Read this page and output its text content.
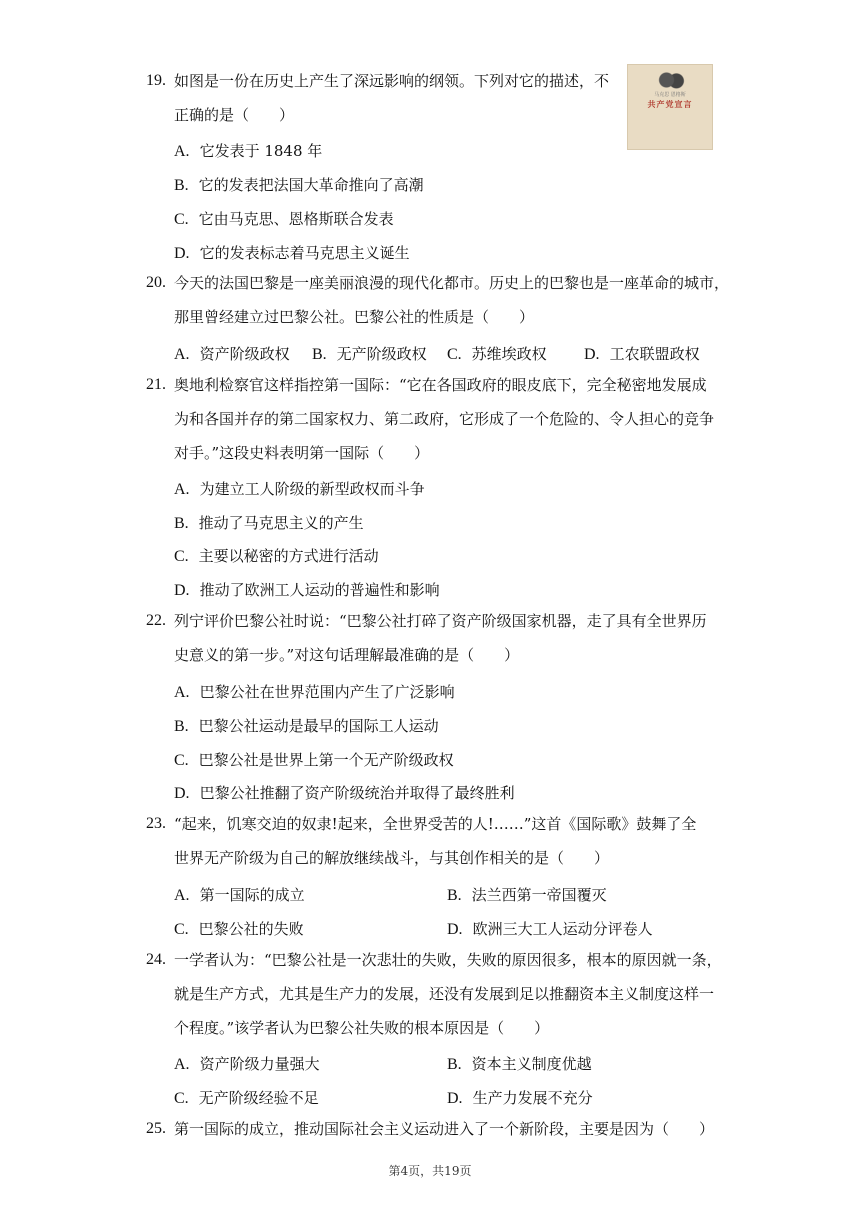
马克思 恩格斯
共产党宣言
19. 如图是一份在历史上产生了深远影响的纲领。下列对它的描述，不
正确的是（　　）
A. 它发表于 1848 年
B. 它的发表把法国大革命推向了高潮
C. 它由马克思、恩格斯联合发表
D. 它的发表标志着马克思主义诞生
20. 今天的法国巴黎是一座美丽浪漫的现代化都市。历史上的巴黎也是一座革命的城市，
那里曾经建立过巴黎公社。巴黎公社的性质是（　　）
A. 资产阶级政权 B. 无产阶级政权 C. 苏维埃政权 D. 工农联盟政权
21. 奥地利检察官这样指控第一国际：“它在各国政府的眼皮底下，完全秘密地发展成
为和各国并存的第二国家权力、第二政府，它形成了一个危险的、令人担心的竞争
对手。”这段史料表明第一国际（　　）
A. 为建立工人阶级的新型政权而斗争
B. 推动了马克思主义的产生
C. 主要以秘密的方式进行活动
D. 推动了欧洲工人运动的普遍性和影响
22. 列宁评价巴黎公社时说：“巴黎公社打碎了资产阶级国家机器，走了具有全世界历
史意义的第一步。”对这句话理解最准确的是（　　）
A. 巴黎公社在世界范围内产生了广泛影响
B. 巴黎公社运动是最早的国际工人运动
C. 巴黎公社是世界上第一个无产阶级政权
D. 巴黎公社推翻了资产阶级统治并取得了最终胜利
23. “起来，饥寒交迫的奴隶!起来，全世界受苦的人!……”这首《国际歌》鼓舞了全
世界无产阶级为自己的解放继续战斗，与其创作相关的是（　　）
A. 第一国际的成立	B. 法兰西第一帝国覆灭
C. 巴黎公社的失败	D. 欧洲三大工人运动分评卷人
24. 一学者认为：“巴黎公社是一次悲壮的失败，失败的原因很多，根本的原因就一条，
就是生产方式，尤其是生产力的发展，还没有发展到足以推翻资本主义制度这样一
个程度。”该学者认为巴黎公社失败的根本原因是（　　）
A. 资产阶级力量强大	B. 资本主义制度优越
C. 无产阶级经验不足	D. 生产力发展不充分
25. 第一国际的成立，推动国际社会主义运动进入了一个新阶段，主要是因为（　　）
第4页，共19页
